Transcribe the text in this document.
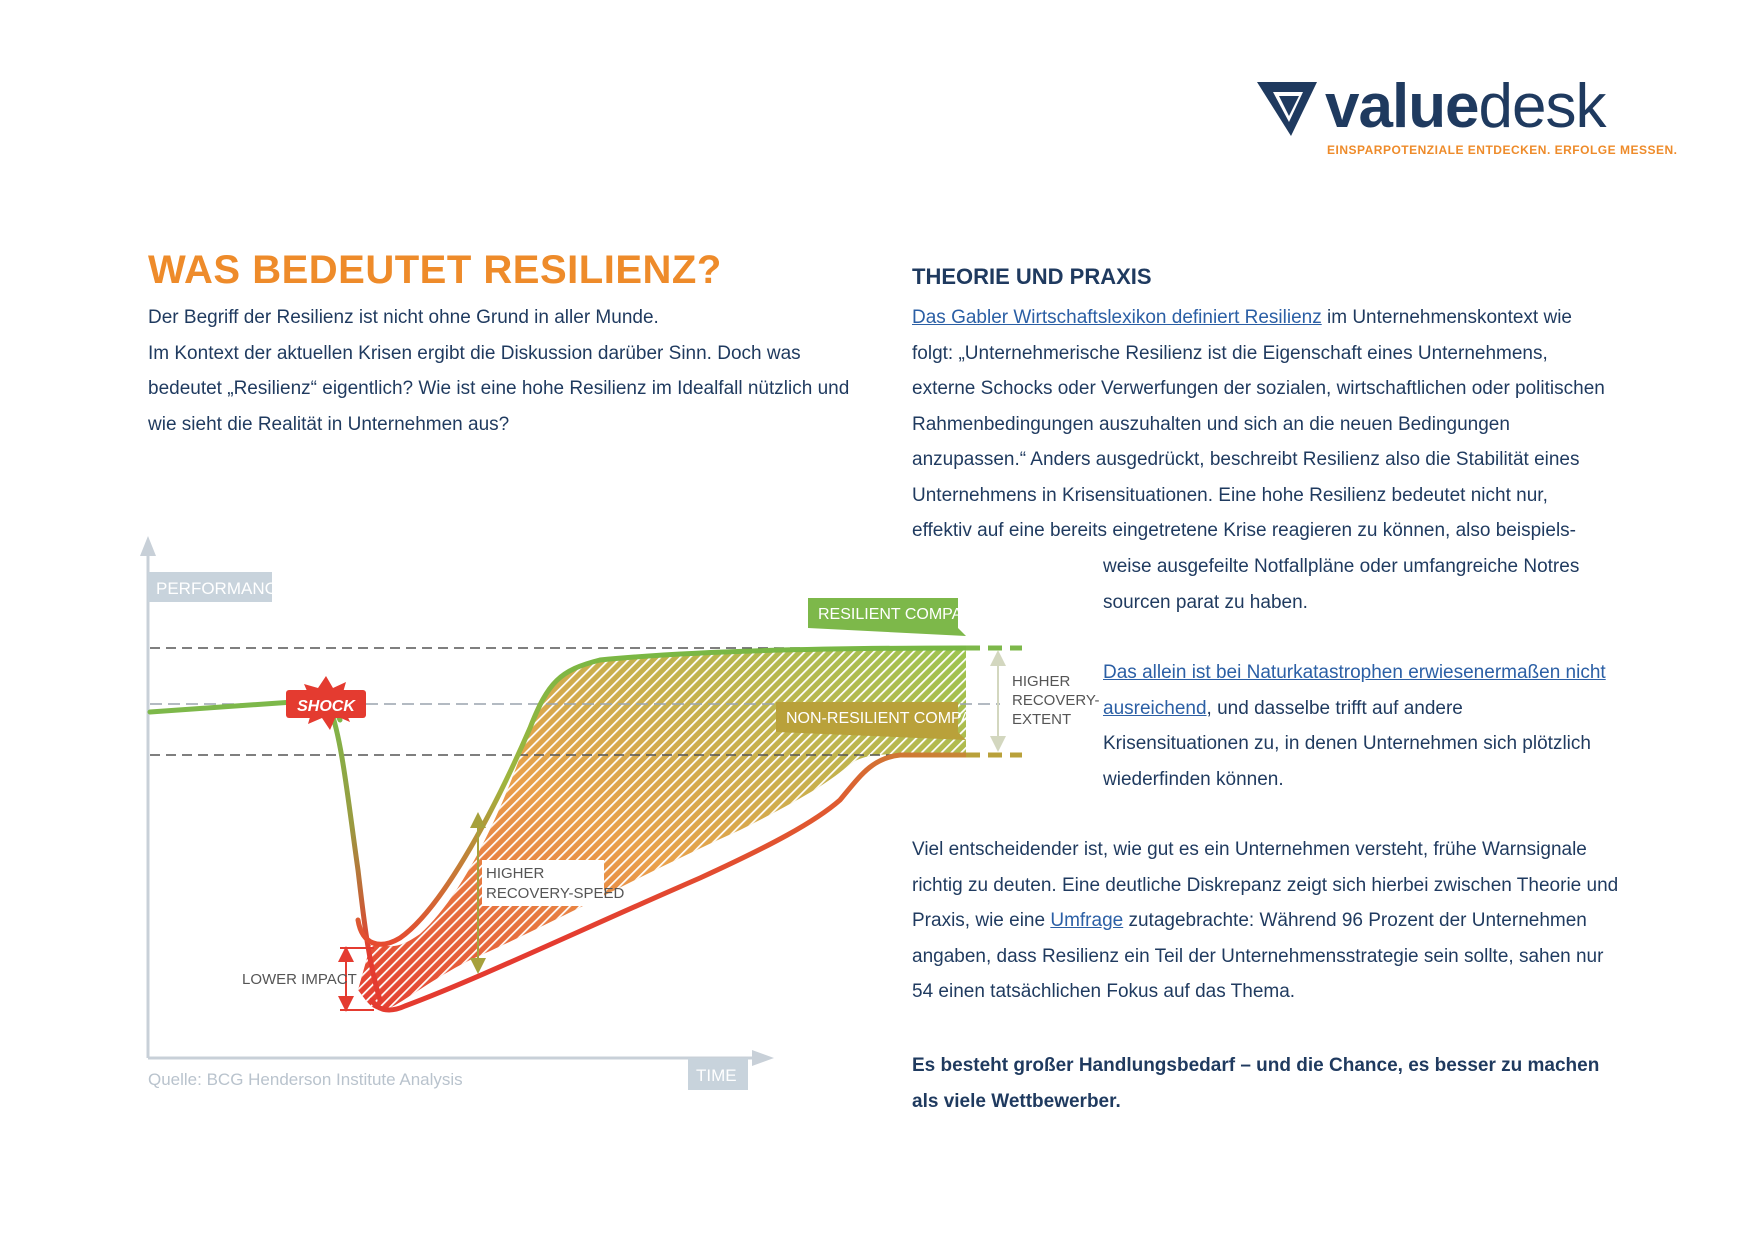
valuedesk
EINSPARPOTENZIALE ENTDECKEN. ERFOLGE MESSEN.
WAS BEDEUTET RESILIENZ?

Der Begriff der Resilienz ist nicht ohne Grund in aller Munde.

Im Kontext der aktuellen Krisen ergibt die Diskussion darüber Sinn. Doch was bedeutet „Resilienz“ eigentlich? Wie ist eine hohe Resilienz im Idealfall nützlich und wie sieht die Realität in Unternehmen aus?

PERFORMANCE
TIME
SHOCK
RESILIENT COMPANY
NON-RESILIENT COMPANY
HIGHER
RECOVERY-
EXTENT
HIGHER
RECOVERY-SPEED
LOWER IMPACT
Quelle: BCG Henderson Institute Analysis
THEORIE UND PRAXIS

Das Gabler Wirtschaftslexikon definiert Resilienz im Unternehmenskontext wie folgt: „Unternehmerische Resilienz ist die Eigenschaft eines Unternehmens, externe Schocks oder Verwerfungen der sozialen, wirtschaftlichen oder politischen Rahmenbedingungen auszuhalten und sich an die neuen Bedingungen anzupassen.“ Anders ausgedrückt, beschreibt Resilienz also die Stabilität eines Unternehmens in Krisensituationen. Eine hohe Resilienz bedeutet nicht nur, effektiv auf eine bereits eingetretene Krise reagieren zu können, also beispiels-

weise ausgefeilte Notfallpläne oder umfangreiche Notres sourcen parat zu haben.

Das allein ist bei Naturkatastrophen erwiesenermaßen nicht ausreichend, und dasselbe trifft auf andere Krisensituationen zu, in denen Unternehmen sich plötzlich wiederfinden können.

Viel entscheidender ist, wie gut es ein Unternehmen versteht, frühe Warnsignale richtig zu deuten. Eine deutliche Diskrepanz zeigt sich hierbei zwischen Theorie und Praxis, wie eine Umfrage zutagebrachte: Während 96 Prozent der Unternehmen angaben, dass Resilienz ein Teil der Unternehmensstrategie sein sollte, sahen nur 54 einen tatsächlichen Fokus auf das Thema.

Es besteht großer Handlungsbedarf – und die Chance, es besser zu machen als viele Wettbewerber.
